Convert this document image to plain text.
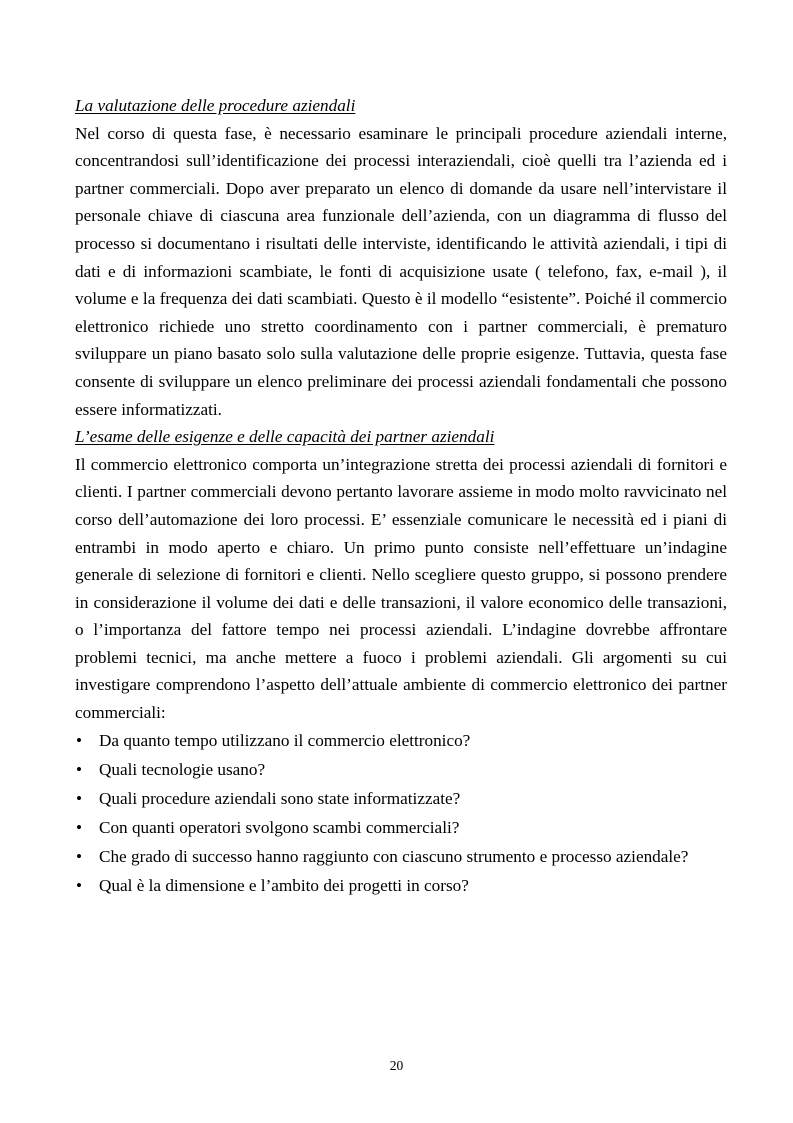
La valutazione delle procedure aziendali

Nel corso di questa fase, è necessario esaminare le principali procedure aziendali interne, concentrandosi sull’identificazione dei processi interaziendali, cioè quelli tra l’azienda ed i partner commerciali. Dopo aver preparato un elenco di domande da usare nell’intervistare il personale chiave di ciascuna area funzionale dell’azienda, con un diagramma di flusso del processo si documentano i risultati delle interviste, identificando le attività aziendali, i tipi di dati e di informazioni scambiate, le fonti di acquisizione usate ( telefono, fax, e-mail ), il volume e la frequenza dei dati scambiati. Questo è il modello “esistente”. Poiché il commercio elettronico richiede uno stretto coordinamento con i partner commerciali, è prematuro sviluppare un piano basato solo sulla valutazione delle proprie esigenze. Tuttavia, questa fase consente di sviluppare un elenco preliminare dei processi aziendali fondamentali che possono essere informatizzati.

L’esame delle esigenze e delle capacità dei partner aziendali

Il commercio elettronico comporta un’integrazione stretta dei processi aziendali di fornitori e clienti. I partner commerciali devono pertanto lavorare assieme in modo molto ravvicinato nel corso dell’automazione dei loro processi. E’ essenziale comunicare le necessità ed i piani di entrambi in modo aperto e chiaro. Un primo punto consiste nell’effettuare un’indagine generale di selezione di fornitori e clienti. Nello scegliere questo gruppo, si possono prendere in considerazione il volume dei dati e delle transazioni, il valore economico delle transazioni, o l’importanza del fattore tempo nei processi aziendali. L’indagine dovrebbe affrontare problemi tecnici, ma anche mettere a fuoco i problemi aziendali. Gli argomenti su cui investigare comprendono l’aspetto dell’attuale ambiente di commercio elettronico dei partner commerciali:

• Da quanto tempo utilizzano il commercio elettronico?
• Quali tecnologie usano?
• Quali procedure aziendali sono state informatizzate?
• Con quanti operatori svolgono scambi commerciali?
• Che grado di successo hanno raggiunto con ciascuno strumento e processo aziendale?
• Qual è la dimensione e l’ambito dei progetti in corso?
20
